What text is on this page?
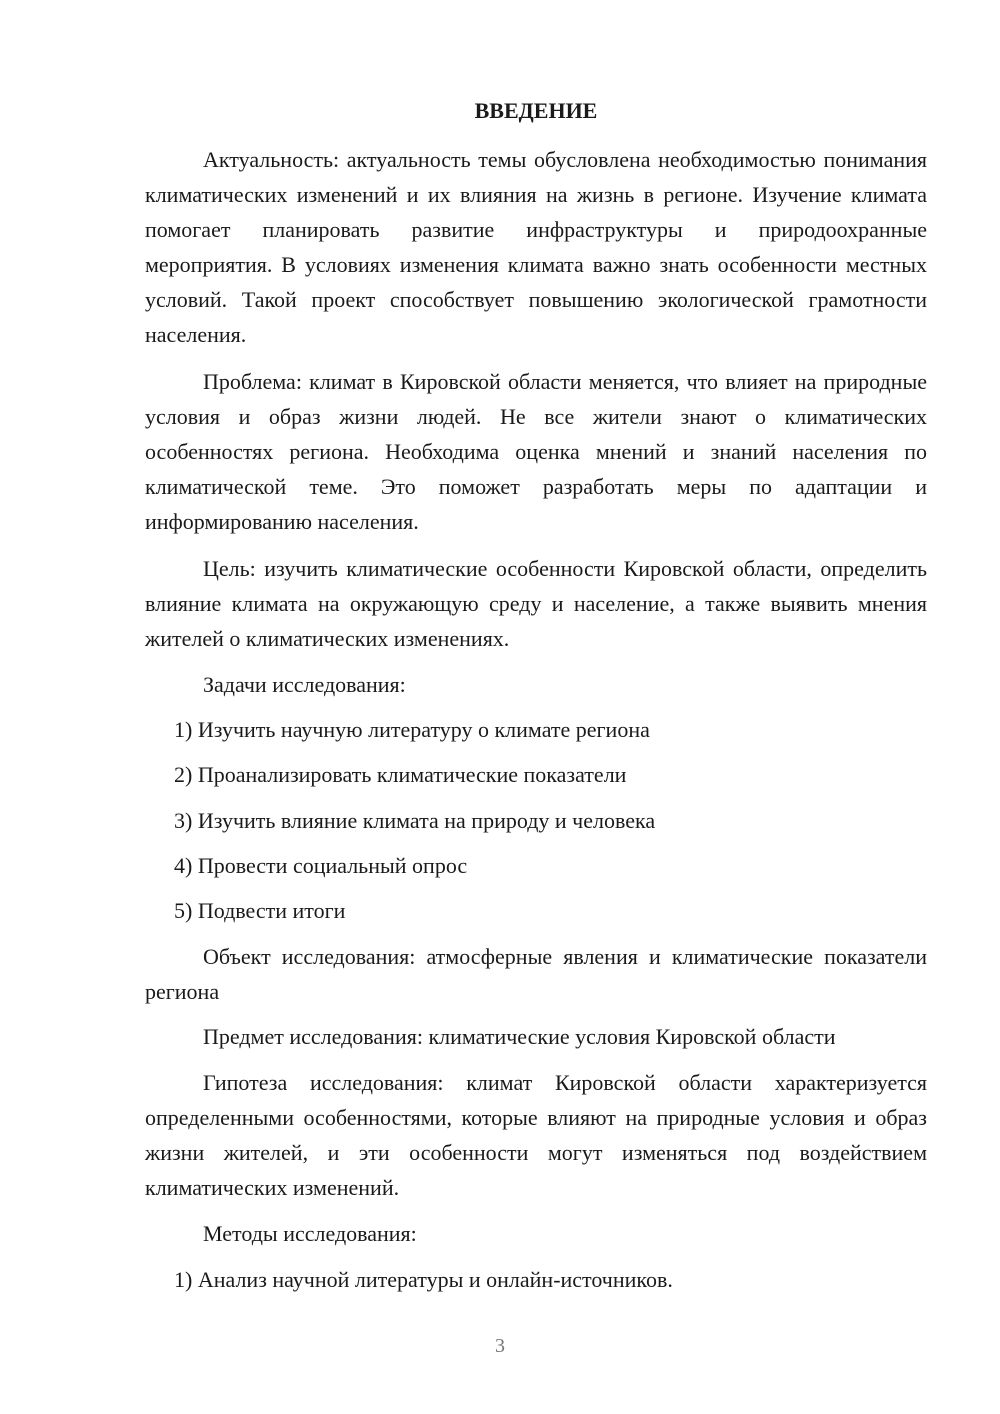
ВВЕДЕНИЕ

Актуальность: актуальность темы обусловлена необходимостью понимания климатических изменений и их влияния на жизнь в регионе. Изучение климата помогает планировать развитие инфраструктуры и природоохранные мероприятия. В условиях изменения климата важно знать особенности местных условий. Такой проект способствует повышению экологической грамотности населения.

Проблема: климат в Кировской области меняется, что влияет на природные условия и образ жизни людей. Не все жители знают о климатических особенностях региона. Необходима оценка мнений и знаний населения по климатической теме. Это поможет разработать меры по адаптации и информированию населения.

Цель: изучить климатические особенности Кировской области, определить влияние климата на окружающую среду и население, а также выявить мнения жителей о климатических изменениях.

Задачи исследования:

1) Изучить научную литературу о климате региона

2) Проанализировать климатические показатели

3) Изучить влияние климата на природу и человека

4) Провести социальный опрос

5) Подвести итоги

Объект исследования: атмосферные явления и климатические показатели региона

Предмет исследования: климатические условия Кировской области

Гипотеза исследования: климат Кировской области характеризуется определенными особенностями, которые влияют на природные условия и образ жизни жителей, и эти особенности могут изменяться под воздействием климатических изменений.

Методы исследования:

1) Анализ научной литературы и онлайн-источников.

3
